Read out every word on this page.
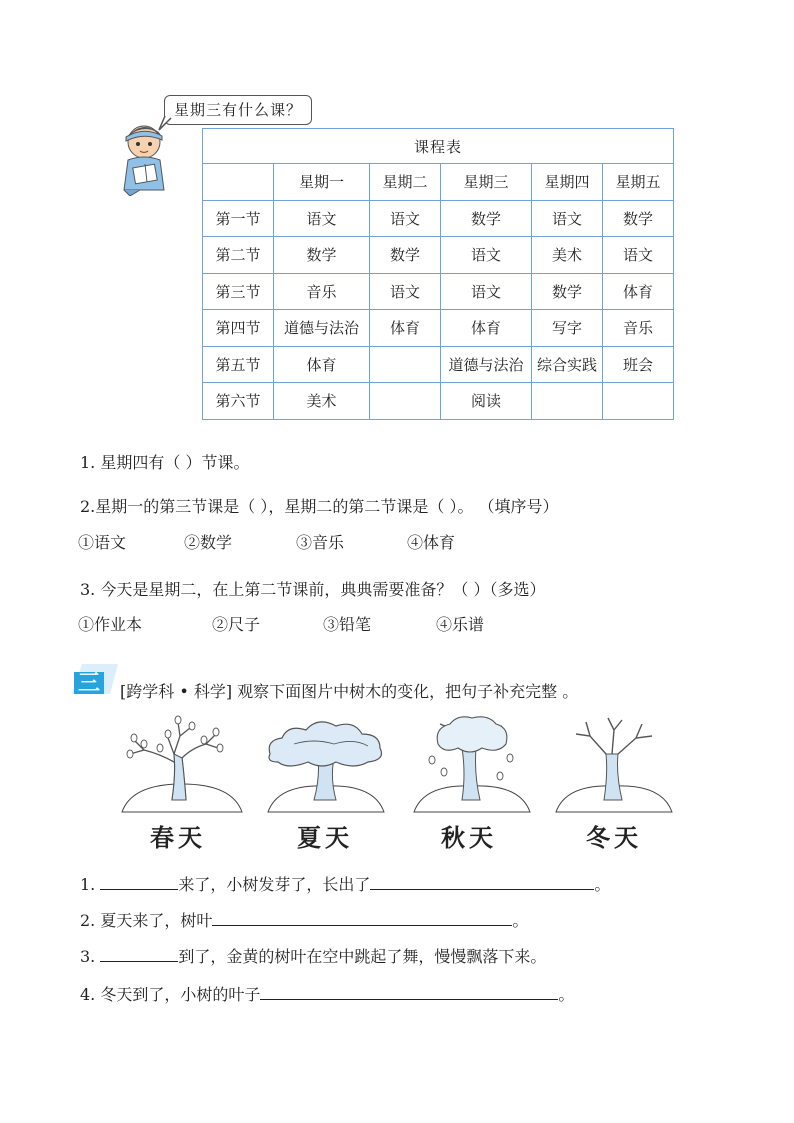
星期三有什么课？
课程表					
	星期一	星期二	星期三	星期四	星期五
第一节	语文	语文	数学	语文	数学
第二节	数学	数学	语文	美术	语文
第三节	音乐	语文	语文	数学	体育
第四节	道德与法治	体育	体育	写字	音乐
第五节	体育		道德与法治	综合实践	班会
第六节	美术		阅读		
1. 星期四有（ ）节课。
2.星期一的第三节课是（ ），星期二的第二节课是（ ）。 （填序号）
①语文	②数学	③音乐	④体育
3. 今天是星期二，在上第二节课前，典典需要准备？（ ）（多选）
①作业本	②尺子	③铅笔	④乐谱
三 [跨学科 • 科学] 观察下面图片中树木的变化，把句子补充完整 。
春天	夏天	秋天	冬天
1.	来了，小树发芽了，长出了	。
2. 夏天来了，树叶	。
3.	到了，金黄的树叶在空中跳起了舞，慢慢飘落下来。
4. 冬天到了，小树的叶子	。
